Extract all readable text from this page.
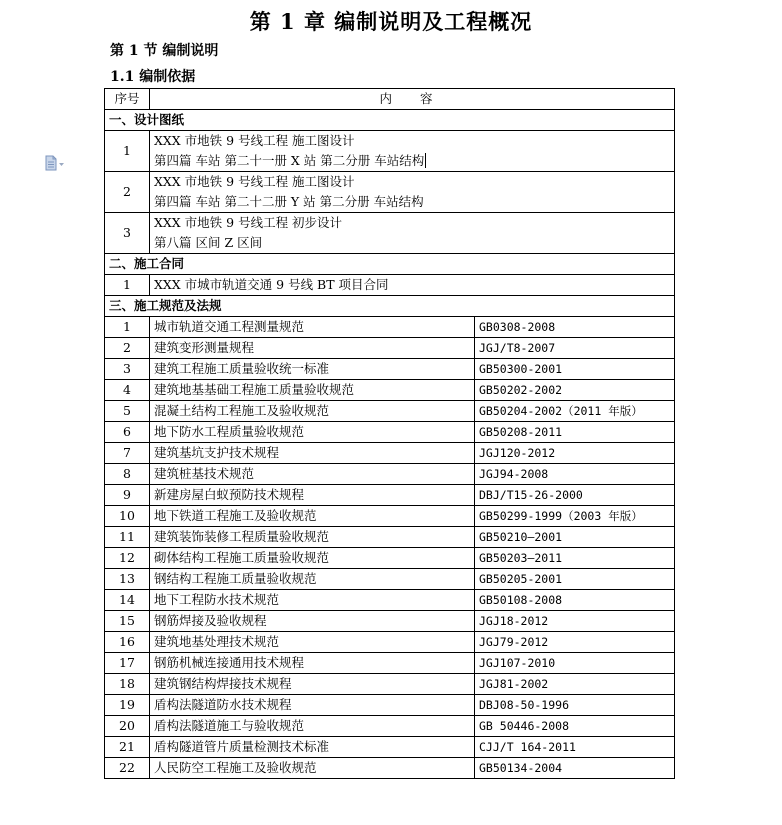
第 1 章 编制说明及工程概况
第 1 节 编制说明
1.1 编制依据
序号	内 容	
一、设计图纸		
1	XXX 市地铁 9 号线工程 施工图设计
第四篇 车站 第二十一册 X 站 第二分册 车站结构	

2	XXX 市地铁 9 号线工程 施工图设计
第四篇 车站 第二十二册 Y 站 第二分册 车站结构	

3	XXX 市地铁 9 号线工程 初步设计
第八篇 区间 Z 区间	

二、施工合同		
1	XXX 市城市轨道交通 9 号线 BT 项目合同	
三、施工规范及法规		
1	城市轨道交通工程测量规范	GB0308-2008
2	建筑变形测量规程	JGJ/T8-2007
3	建筑工程施工质量验收统一标准	GB50300-2001
4	建筑地基基础工程施工质量验收规范	GB50202-2002
5	混凝土结构工程施工及验收规范	GB50204-2002（2011 年版）
6	地下防水工程质量验收规范	GB50208-2011
7	建筑基坑支护技术规程	JGJ120-2012
8	建筑桩基技术规范	JGJ94-2008
9	新建房屋白蚁预防技术规程	DBJ/T15-26-2000
10	地下铁道工程施工及验收规范	GB50299-1999（2003 年版）
11	建筑装饰装修工程质量验收规范	GB50210—2001
12	砌体结构工程施工质量验收规范	GB50203—2011
13	钢结构工程施工质量验收规范	GB50205-2001
14	地下工程防水技术规范	GB50108-2008
15	钢筋焊接及验收规程	JGJ18-2012
16	建筑地基处理技术规范	JGJ79-2012
17	钢筋机械连接通用技术规程	JGJ107-2010
18	建筑钢结构焊接技术规程	JGJ81-2002
19	盾构法隧道防水技术规程	DBJ08-50-1996
20	盾构法隧道施工与验收规范	GB 50446-2008
21	盾构隧道管片质量检测技术标准	CJJ/T 164-2011
22	人民防空工程施工及验收规范	GB50134-2004
